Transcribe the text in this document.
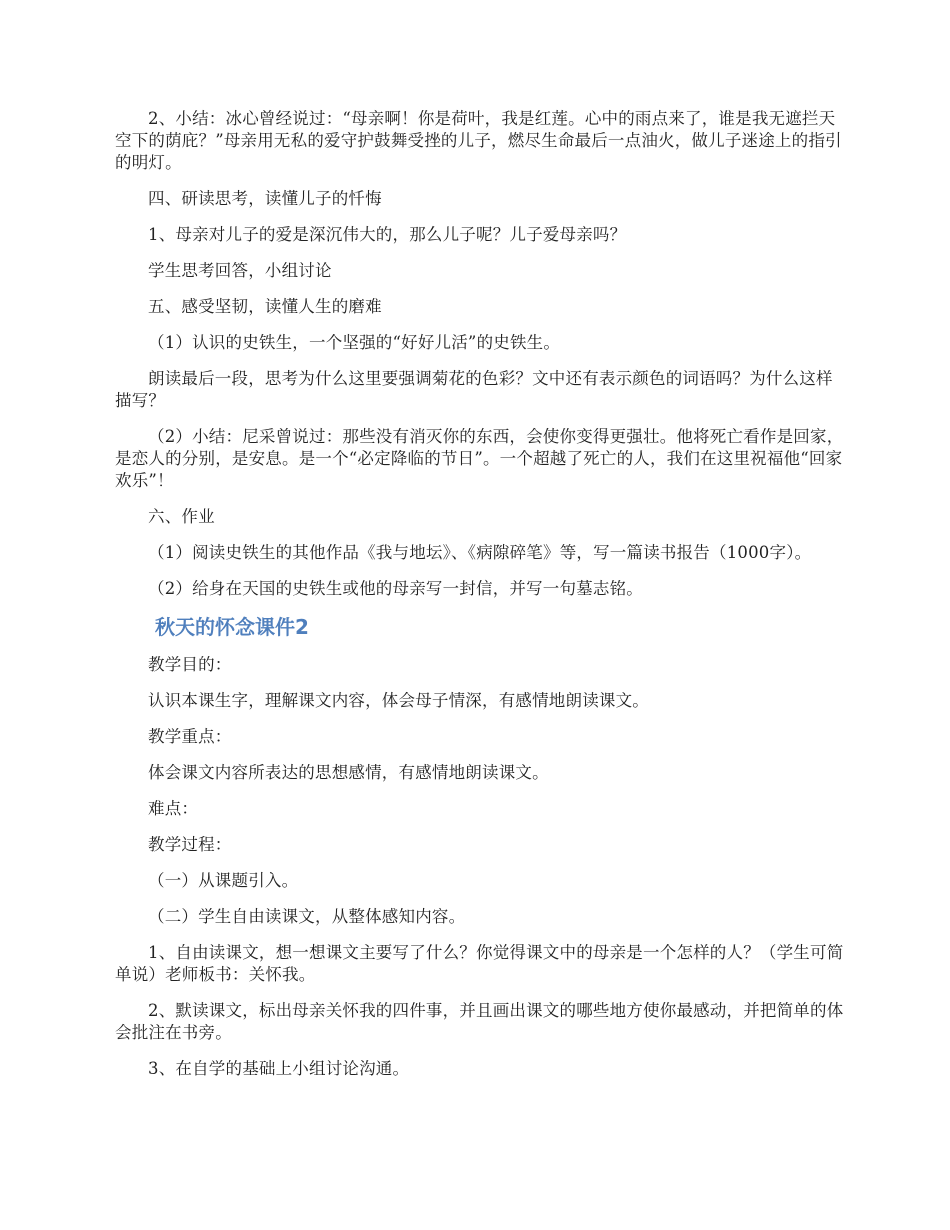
2、小结：冰心曾经说过：“母亲啊！你是荷叶，我是红莲。心中的雨点来了，谁是我无遮拦天空下的荫庇？”母亲用无私的爱守护鼓舞受挫的儿子，燃尽生命最后一点油火，做儿子迷途上的指引的明灯。

四、研读思考，读懂儿子的忏悔

1、母亲对儿子的爱是深沉伟大的，那么儿子呢？儿子爱母亲吗？

学生思考回答，小组讨论

五、感受坚韧，读懂人生的磨难

（1）认识的史铁生，一个坚强的“好好儿活”的史铁生。

朗读最后一段，思考为什么这里要强调菊花的色彩？文中还有表示颜色的词语吗？为什么这样描写？

（2）小结：尼采曾说过：那些没有消灭你的东西，会使你变得更强壮。他将死亡看作是回家，是恋人的分别，是安息。是一个“必定降临的节日”。一个超越了死亡的人，我们在这里祝福他“回家欢乐”！

六、作业

（1）阅读史铁生的其他作品《我与地坛》、《病隙碎笔》等，写一篇读书报告（1000字）。

（2）给身在天国的史铁生或他的母亲写一封信，并写一句墓志铭。

秋天的怀念课件2

教学目的：

认识本课生字，理解课文内容，体会母子情深，有感情地朗读课文。

教学重点：

体会课文内容所表达的思想感情，有感情地朗读课文。

难点：

教学过程：

（一）从课题引入。

（二）学生自由读课文，从整体感知内容。

1、自由读课文，想一想课文主要写了什么？你觉得课文中的母亲是一个怎样的人？（学生可简单说）老师板书：关怀我。

2、默读课文，标出母亲关怀我的四件事，并且画出课文的哪些地方使你最感动，并把简单的体会批注在书旁。

3、在自学的基础上小组讨论沟通。
